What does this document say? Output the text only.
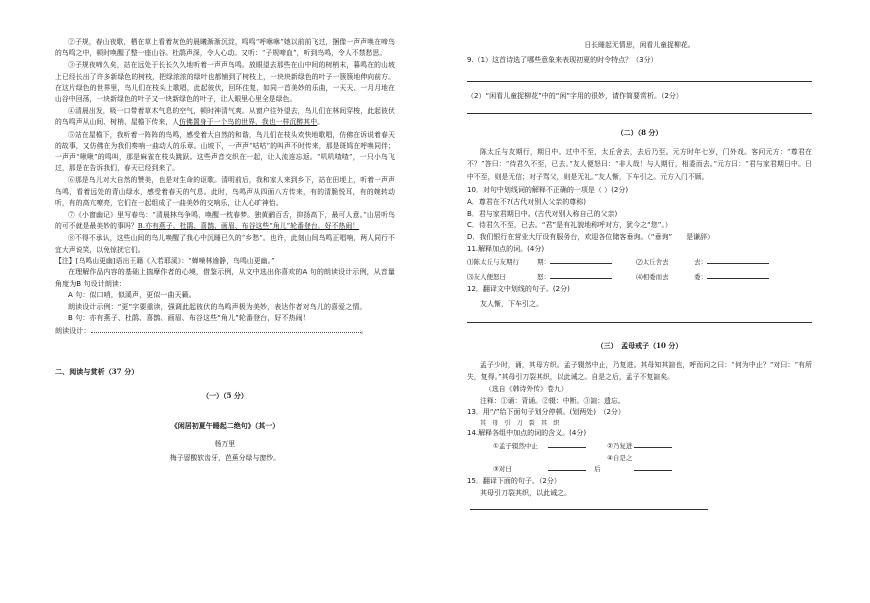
②子规，春山夜歌，栖在草上看着灰色的晨曦渐渐沉淀，鸣鸣“呼咻咻”她以前前飞过，捆像一声声唤在啼鸟的鸟鸣之中，顿时唤醒了整一座山谷。杜鹃声深，令人心动。又听：“子规啼血”，听到鸟鸣，令人不禁愁思。

③子规夜啼久矣，站在远处于长长久久地听着一声声鸟鸣。放眼望去那些在山中间的树梢末，暮鸣在的山坡上已经长出了许多新绿色的树枝，把绿浓浓的绿叶也都铺到了树枝上，一块块新绿色的叶子一簇簇地伸向前方。在这片绿色的世界里，鸟儿们在枝头上歌唱，此起彼伏，回环往复，如同一首美妙的乐曲，一天天、一月月地在山谷中回荡，一块新绿色的叶子又一块新绿色的叶子，让人眼里心里全是绿色。

④清晨出发，吸一口带着草木气息的空气，顿时神清气爽。从窗户往外望去，鸟儿们在林间穿梭，此起彼伏的鸟鸣声从山间、树梢、屋檐下传来，人仿佛置身于一个鸟的世界，我也一样沉醉其中。

⑤站在屋檐下，我听着一阵阵的鸟鸣，感受着大自然的和谐，鸟儿们在枝头欢快地歌唱，仿佛在诉说着春天的故事，又仿佛在为我们奏响一曲动人的乐章。山坡下，一声声“咕咕”的叫声不时传来，那是斑鸠在呼唤同伴；一声声“啾啾”的鸣叫，那是麻雀在枝头跳跃。这些声音交织在一起，让人流连忘返。“叽叽喳喳”，一只小鸟飞过，那是在告诉我们，春天已经到来了。

⑥那是鸟儿对大自然的赞美，也是对生命的讴歌。清明前后，我和家人来到乡下，站在田埂上，听着一声声鸟鸣，看着远处的青山绿水，感受着春天的气息。此时，鸟鸣声从四面八方传来，有的清脆悦耳，有的婉转动听，有的高亢嘹亮，它们在一起组成了一曲美妙的交响乐，让人心旷神怡。

⑦《小窗幽记》里写春鸟：“清晨林鸟争鸣，唤醒一枕春梦。独黄鹂百舌，抑扬高下，最可人意。”山居听鸟的可不就是最美妙的事吗？B.亦有燕子、杜鹃、喜鹊、画眉、布谷这些“角儿”轮番登台，好不热闹！

⑧不得不承认，这些山间的鸟儿唤醒了我心中沉睡已久的“乡愁”。也许，此刻山间鸟鸣正唱响，两人同行不宜大声说笑，以免惊扰它们。

【注】[乌鸣山更幽]语出王籍《入若耶溪》：“蝉噪林逾静，鸟鸣山更幽。”

在理解作品内容的基础上揣摩作者的心境，借鉴示例，从文中选出你喜欢的A 句的朗读设计示例，从音量角度为B 句设计朗读：

A 句：似口哨，似溪声，更似一曲天籁。

朗读设计示例：“更”字要重读，强调此起彼伏的鸟鸣声极为美妙，表达作者对鸟儿的喜爱之情。

B 句：亦有燕子、杜鹃、喜鹊、画眉、布谷这些“角儿”轮番登台，好不热闹！

朗读设计：	。

二、阅读与赏析（37 分）

（一）（5 分）

《闲居初夏午睡起二绝句》（其一）

杨万里

梅子留酸软齿牙，芭蕉分绿与窗纱。

日长睡起无情思，闲看儿童捉柳花。

9.（1）这首诗选了哪些意象来表现初夏的时令特点？（3分）

（2）“闲看儿童捉柳花”中的“闲”字用的很妙，请作简要赏析。（2分）

（二）（8 分）

陈太丘与友期行，期日中。过中不至，太丘舍去，去后乃至。元方时年七岁，门外戏。客问元方：“尊君在不？”答曰：“待君久不至，已去。”友人便怒曰：“非人哉！与人期行，相委而去。”元方曰：“君与家君期日中。日中不至，则是无信；对子骂父，则是无礼。”友人惭，下车引之。元方入门不顾。

10．对句中划线词的解释不正确的一项是（ ）(2分)

A．尊君在不?(古代对别人父亲的尊称)

B．君与家君期日中。(古代对别人称自己的父亲)

C．待君久不至，已去。“君”是有礼貌地称呼对方，犹今之“您”。）

D．我们银行在营业大厅设有服务台，欢迎各位储客垂询。（“垂询”　　是谦辞）

11.解释加点的词。(4分)

⑴陈太丘与友期行	期：	⑵太丘舍去	去：

⑶友人便怒曰	怒：	⑷相委而去	委：

12．翻译文中划线的句子。(2分)

友人惭，下车引之。

（三）　孟母戒子（10 分）

孟子少时，诵，其母方织。孟子辍然中止，乃复进。其母知其諠也，呼而问之曰：“何为中止？”对曰：“有所失，复得。”其母引刀裂其织，以此诫之。自是之后，孟子不复諠矣。

（选自《韩诗外传》卷九）

注释：①诵：背诵。②辍：中断。③諠：遗忘。

13．用“/”给下面句子划分停顿。(划两处)　（2分）

其　母　引　刀　裂　其　织

14.解释各组中加点的词的含义。(4分)

①孟子辍然中止	②乃复进

③对曰 ④自是之后

15．翻译下面的句子。（2分）

其母引刀裂其织，以此诫之。
